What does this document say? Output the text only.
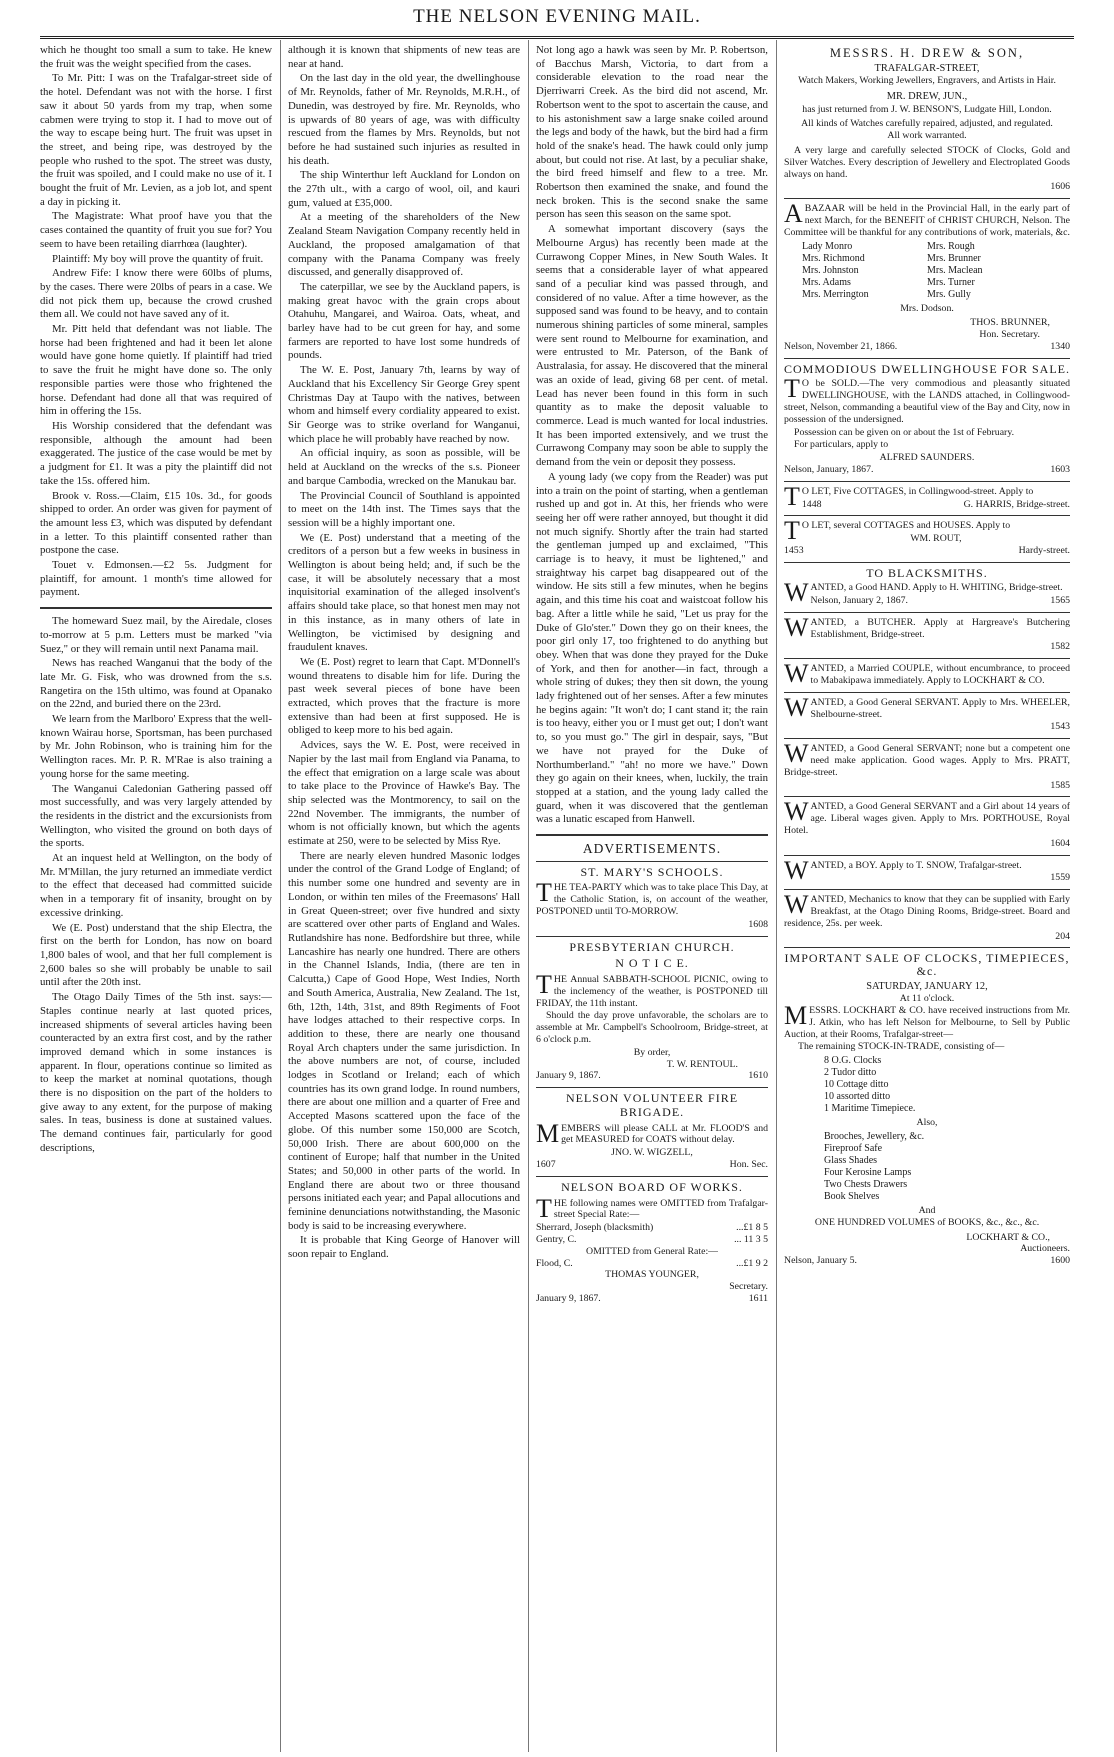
THE NELSON EVENING MAIL.

which he thought too small a sum to take. He knew the fruit was the weight specified from the cases.

To Mr. Pitt: I was on the Trafalgar-street side of the hotel. Defendant was not with the horse. I first saw it about 50 yards from my trap, when some cabmen were trying to stop it. I had to move out of the way to escape being hurt. The fruit was upset in the street, and being ripe, was destroyed by the people who rushed to the spot. The street was dusty, the fruit was spoiled, and I could make no use of it. I bought the fruit of Mr. Levien, as a job lot, and spent a day in picking it.

The Magistrate: What proof have you that the cases contained the quantity of fruit you sue for? You seem to have been retailing diarrhœa (laughter).

Plaintiff: My boy will prove the quantity of fruit.

Andrew Fife: I know there were 60lbs of plums, by the cases. There were 20lbs of pears in a case. We did not pick them up, because the crowd crushed them all. We could not have saved any of it.

Mr. Pitt held that defendant was not liable. The horse had been frightened and had it been let alone would have gone home quietly. If plaintiff had tried to save the fruit he might have done so. The only responsible parties were those who frightened the horse. Defendant had done all that was required of him in offering the 15s.

His Worship considered that the defendant was responsible, although the amount had been exaggerated. The justice of the case would be met by a judgment for £1. It was a pity the plaintiff did not take the 15s. offered him.

Brook v. Ross.—Claim, £15 10s. 3d., for goods shipped to order. An order was given for payment of the amount less £3, which was disputed by defendant in a letter. To this plaintiff consented rather than postpone the case.

Touet v. Edmonsen.—£2 5s. Judgment for plaintiff, for amount. 1 month's time allowed for payment.

The homeward Suez mail, by the Airedale, closes to-morrow at 5 p.m. Letters must be marked "via Suez," or they will remain until next Panama mail.

News has reached Wanganui that the body of the late Mr. G. Fisk, who was drowned from the s.s. Rangetira on the 15th ultimo, was found at Opanako on the 22nd, and buried there on the 23rd.

We learn from the Marlboro' Express that the well-known Wairau horse, Sportsman, has been purchased by Mr. John Robinson, who is training him for the Wellington races. Mr. P. R. M'Rae is also training a young horse for the same meeting.

The Wanganui Caledonian Gathering passed off most successfully, and was very largely attended by the residents in the district and the excursionists from Wellington, who visited the ground on both days of the sports.

At an inquest held at Wellington, on the body of Mr. M'Millan, the jury returned an immediate verdict to the effect that deceased had committed suicide when in a temporary fit of insanity, brought on by excessive drinking.

We (E. Post) understand that the ship Electra, the first on the berth for London, has now on board 1,800 bales of wool, and that her full complement is 2,600 bales so she will probably be unable to sail until after the 20th inst.

The Otago Daily Times of the 5th inst. says:—Staples continue nearly at last quoted prices, increased shipments of several articles having been counteracted by an extra first cost, and by the rather improved demand which in some instances is apparent. In flour, operations continue so limited as to keep the market at nominal quotations, though there is no disposition on the part of the holders to give away to any extent, for the purpose of making sales. In teas, business is done at sustained values. The demand continues fair, particularly for good descriptions,

although it is known that shipments of new teas are near at hand.

On the last day in the old year, the dwellinghouse of Mr. Reynolds, father of Mr. Reynolds, M.R.H., of Dunedin, was destroyed by fire. Mr. Reynolds, who is upwards of 80 years of age, was with difficulty rescued from the flames by Mrs. Reynolds, but not before he had sustained such injuries as resulted in his death.

The ship Winterthur left Auckland for London on the 27th ult., with a cargo of wool, oil, and kauri gum, valued at £35,000.

At a meeting of the shareholders of the New Zealand Steam Navigation Company recently held in Auckland, the proposed amalgamation of that company with the Panama Company was freely discussed, and generally disapproved of.

The caterpillar, we see by the Auckland papers, is making great havoc with the grain crops about Otahuhu, Mangarei, and Wairoa. Oats, wheat, and barley have had to be cut green for hay, and some farmers are reported to have lost some hundreds of pounds.

The W. E. Post, January 7th, learns by way of Auckland that his Excellency Sir George Grey spent Christmas Day at Taupo with the natives, between whom and himself every cordiality appeared to exist. Sir George was to strike overland for Wanganui, which place he will probably have reached by now.

An official inquiry, as soon as possible, will be held at Auckland on the wrecks of the s.s. Pioneer and barque Cambodia, wrecked on the Manukau bar.

The Provincial Council of Southland is appointed to meet on the 14th inst. The Times says that the session will be a highly important one.

We (E. Post) understand that a meeting of the creditors of a person but a few weeks in business in Wellington is about being held; and, if such be the case, it will be absolutely necessary that a most inquisitorial examination of the alleged insolvent's affairs should take place, so that honest men may not in this instance, as in many others of late in Wellington, be victimised by designing and fraudulent knaves.

We (E. Post) regret to learn that Capt. M'Donnell's wound threatens to disable him for life. During the past week several pieces of bone have been extracted, which proves that the fracture is more extensive than had been at first supposed. He is obliged to keep more to his bed again.

Advices, says the W. E. Post, were received in Napier by the last mail from England via Panama, to the effect that emigration on a large scale was about to take place to the Province of Hawke's Bay. The ship selected was the Montmorency, to sail on the 22nd November. The immigrants, the number of whom is not officially known, but which the agents estimate at 250, were to be selected by Miss Rye.

There are nearly eleven hundred Masonic lodges under the control of the Grand Lodge of England; of this number some one hundred and seventy are in London, or within ten miles of the Freemasons' Hall in Great Queen-street; over five hundred and sixty are scattered over other parts of England and Wales. Rutlandshire has none. Bedfordshire but three, while Lancashire has nearly one hundred. There are others in the Channel Islands, India, (there are ten in Calcutta,) Cape of Good Hope, West Indies, North and South America, Australia, New Zealand. The 1st, 6th, 12th, 14th, 31st, and 89th Regiments of Foot have lodges attached to their respective corps. In addition to these, there are nearly one thousand Royal Arch chapters under the same jurisdiction. In the above numbers are not, of course, included lodges in Scotland or Ireland; each of which countries has its own grand lodge. In round numbers, there are about one million and a quarter of Free and Accepted Masons scattered upon the face of the globe. Of this number some 150,000 are Scotch, 50,000 Irish. There are about 600,000 on the continent of Europe; half that number in the United States; and 50,000 in other parts of the world. In England there are about two or three thousand persons initiated each year; and Papal allocutions and feminine denunciations notwithstanding, the Masonic body is said to be increasing everywhere.

It is probable that King George of Hanover will soon repair to England.

Not long ago a hawk was seen by Mr. P. Robertson, of Bacchus Marsh, Victoria, to dart from a considerable elevation to the road near the Djerriwarri Creek. As the bird did not ascend, Mr. Robertson went to the spot to ascertain the cause, and to his astonishment saw a large snake coiled around the legs and body of the hawk, but the bird had a firm hold of the snake's head. The hawk could only jump about, but could not rise. At last, by a peculiar shake, the bird freed himself and flew to a tree. Mr. Robertson then examined the snake, and found the neck broken. This is the second snake the same person has seen this season on the same spot.

A somewhat important discovery (says the Melbourne Argus) has recently been made at the Currawong Copper Mines, in New South Wales. It seems that a considerable layer of what appeared sand of a peculiar kind was passed through, and considered of no value. After a time however, as the supposed sand was found to be heavy, and to contain numerous shining particles of some mineral, samples were sent round to Melbourne for examination, and were entrusted to Mr. Paterson, of the Bank of Australasia, for assay. He discovered that the mineral was an oxide of lead, giving 68 per cent. of metal. Lead has never been found in this form in such quantity as to make the deposit valuable to commerce. Lead is much wanted for local industries. It has been imported extensively, and we trust the Currawong Company may soon be able to supply the demand from the vein or deposit they possess.

A young lady (we copy from the Reader) was put into a train on the point of starting, when a gentleman rushed up and got in. At this, her friends who were seeing her off were rather annoyed, but thought it did not much signify. Shortly after the train had started the gentleman jumped up and exclaimed, "This carriage is to heavy, it must be lightened," and straightway his carpet bag disappeared out of the window. He sits still a few minutes, when he begins again, and this time his coat and waistcoat follow his bag. After a little while he said, "Let us pray for the Duke of Glo'ster." Down they go on their knees, the poor girl only 17, too frightened to do anything but obey. When that was done they prayed for the Duke of York, and then for another—in fact, through a whole string of dukes; they then sit down, the young lady frightened out of her senses. After a few minutes he begins again: "It won't do; I cant stand it; the rain is too heavy, either you or I must get out; I don't want to, so you must go." The girl in despair, says, "But we have not prayed for the Duke of Northumberland." "ah! no more we have." Down they go again on their knees, when, luckily, the train stopped at a station, and the young lady called the guard, when it was discovered that the gentleman was a lunatic escaped from Hanwell.

ADVERTISEMENTS.
ST. MARY'S SCHOOLS.

THE TEA-PARTY which was to take place This Day, at the Catholic Station, is, on account of the weather, POSTPONED until TO-MORROW.

1608
PRESBYTERIAN CHURCH.
N O T I C E.

THE Annual SABBATH-SCHOOL PICNIC, owing to the inclemency of the weather, is POSTPONED till FRIDAY, the 11th instant.

Should the day prove unfavorable, the scholars are to assemble at Mr. Campbell's Schoolroom, Bridge-street, at 6 o'clock p.m.

By order,
T. W. RENTOUL.
January 9, 1867.	1610
NELSON VOLUNTEER FIRE BRIGADE.

MEMBERS will please CALL at Mr. FLOOD'S and get MEASURED for COATS without delay.

JNO. W. WIGZELL,
1607	Hon. Sec.
NELSON BOARD OF WORKS.

THE following names were OMITTED from Trafalgar-street Special Rate:—

Sherrard, Joseph (blacksmith)	...£1 8 5
Gentry, C.	... 11 3 5
OMITTED from General Rate:—
Flood, C.	...£1 9 2
THOMAS YOUNGER,
Secretary.
January 9, 1867.	1611
MESSRS. H. DREW & SON,
TRAFALGAR-STREET,
Watch Makers, Working Jewellers, Engravers, and Artists in Hair.
MR. DREW, JUN.,
has just returned from J. W. BENSON'S, Ludgate Hill, London.
All kinds of Watches carefully repaired, adjusted, and regulated.
All work warranted.

A very large and carefully selected STOCK of Clocks, Gold and Silver Watches. Every description of Jewellery and Electroplated Goods always on hand.

1606

ABAZAAR will be held in the Provincial Hall, in the early part of next March, for the BENEFIT of CHRIST CHURCH, Nelson. The Committee will be thankful for any contributions of work, materials, &c.

Lady Monro	Mrs. Rough
Mrs. Richmond	Mrs. Brunner
Mrs. Johnston	Mrs. Maclean
Mrs. Adams	Mrs. Turner
Mrs. Merrington	Mrs. Gully
Mrs. Dodson.
THOS. BRUNNER,
Hon. Secretary.
Nelson, November 21, 1866.	1340
COMMODIOUS DWELLINGHOUSE FOR SALE.

TO be SOLD.—The very commodious and pleasantly situated DWELLINGHOUSE, with the LANDS attached, in Collingwood-street, Nelson, commanding a beautiful view of the Bay and City, now in possession of the undersigned.

Possession can be given on or about the 1st of February.

For particulars, apply to

ALFRED SAUNDERS.
Nelson, January, 1867.	1603

TO LET, Five COTTAGES, in Collingwood-street. Apply to

1448	G. HARRIS, Bridge-street.

TO LET, several COTTAGES and HOUSES. Apply to

WM. ROUT,
1453	Hardy-street.
TO BLACKSMITHS.

WANTED, a Good HAND. Apply to H. WHITING, Bridge-street.

Nelson, January 2, 1867.	1565

WANTED, a BUTCHER. Apply at Hargreave's Butchering Establishment, Bridge-street.

1582

WANTED, a Married COUPLE, without encumbrance, to proceed to Mabakipawa immediately. Apply to LOCKHART & CO.

WANTED, a Good General SERVANT. Apply to Mrs. WHEELER, Shelbourne-street.

1543

WANTED, a Good General SERVANT; none but a competent one need make application. Good wages. Apply to Mrs. PRATT, Bridge-street.

1585

WANTED, a Good General SERVANT and a Girl about 14 years of age. Liberal wages given. Apply to Mrs. PORTHOUSE, Royal Hotel.

1604

WANTED, a BOY. Apply to T. SNOW, Trafalgar-street.

1559

WANTED, Mechanics to know that they can be supplied with Early Breakfast, at the Otago Dining Rooms, Bridge-street. Board and residence, 25s. per week.

204
IMPORTANT SALE OF CLOCKS, TIMEPIECES, &c.
SATURDAY, JANUARY 12,
At 11 o'clock.

MESSRS. LOCKHART & CO. have received instructions from Mr. J. Atkin, who has left Nelson for Melbourne, to Sell by Public Auction, at their Rooms, Trafalgar-street—

The remaining STOCK-IN-TRADE, consisting of—

8 O.G. Clocks
2 Tudor ditto
10 Cottage ditto
10 assorted ditto
1 Maritime Timepiece.
Also,
Brooches, Jewellery, &c.
Fireproof Safe
Glass Shades
Four Kerosine Lamps
Two Chests Drawers
Book Shelves
And
ONE HUNDRED VOLUMES of BOOKS, &c., &c., &c.
LOCKHART & CO.,
Auctioneers.
Nelson, January 5.	1600
